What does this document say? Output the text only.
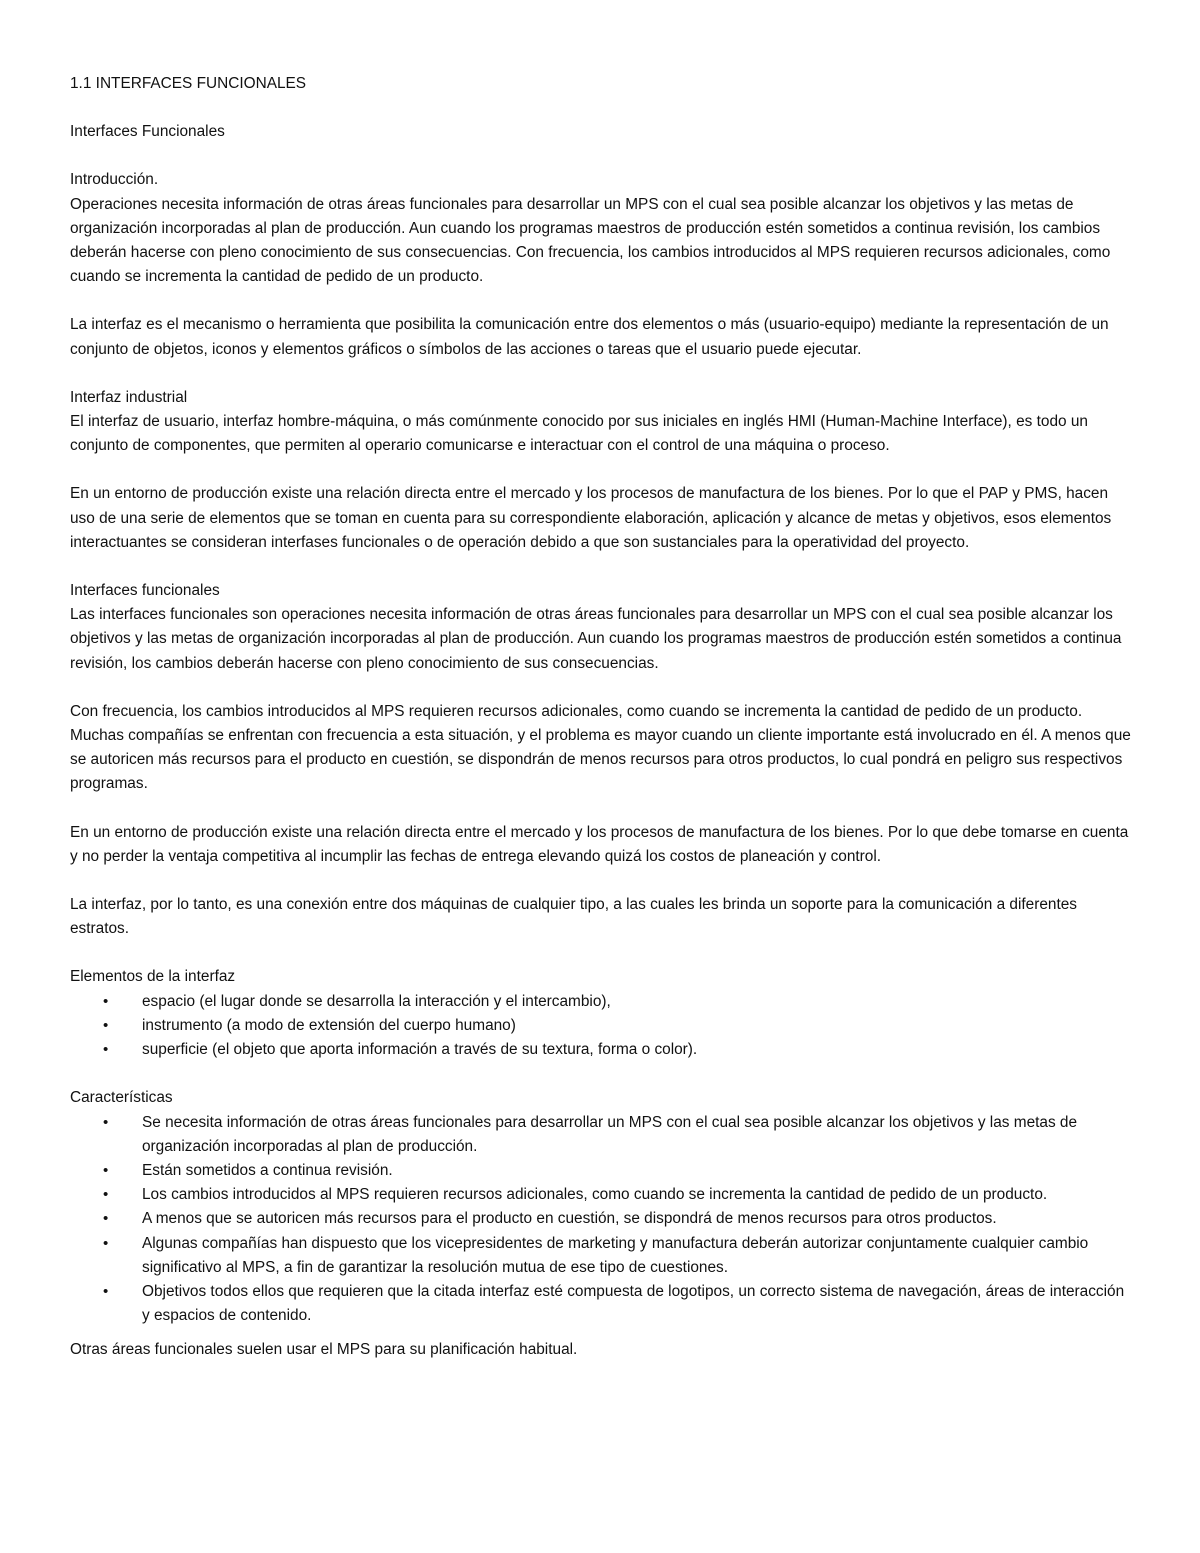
1.1 INTERFACES FUNCIONALES

Interfaces Funcionales

Introducción.

Operaciones necesita información de otras áreas funcionales para desarrollar un MPS con el cual sea posible alcanzar los objetivos y las metas de organización incorporadas al plan de producción. Aun cuando los programas maestros de producción estén sometidos a continua revisión, los cambios deberán hacerse con pleno conocimiento de sus consecuencias. Con frecuencia, los cambios introducidos al MPS requieren recursos adicionales, como cuando se incrementa la cantidad de pedido de un producto.

La interfaz es el mecanismo o herramienta que posibilita la comunicación entre dos elementos o más (usuario-equipo) mediante la representación de un conjunto de objetos, iconos y elementos gráficos o símbolos de las acciones o tareas que el usuario puede ejecutar.

Interfaz industrial

El interfaz de usuario, interfaz hombre-máquina, o más comúnmente conocido por sus iniciales en inglés HMI (Human-Machine Interface), es todo un conjunto de componentes, que permiten al operario comunicarse e interactuar con el control de una máquina o proceso.

En un entorno de producción existe una relación directa entre el mercado y los procesos de manufactura de los bienes. Por lo que el PAP y PMS, hacen uso de una serie de elementos que se toman en cuenta para su correspondiente elaboración, aplicación y alcance de metas y objetivos, esos elementos interactuantes se consideran interfases funcionales o de operación debido a que son sustanciales para la operatividad del proyecto.

Interfaces funcionales

Las interfaces funcionales son operaciones necesita información de otras áreas funcionales para desarrollar un MPS con el cual sea posible alcanzar los objetivos y las metas de organización incorporadas al plan de producción. Aun cuando los programas maestros de producción estén sometidos a continua revisión, los cambios deberán hacerse con pleno conocimiento de sus consecuencias.

Con frecuencia, los cambios introducidos al MPS requieren recursos adicionales, como cuando se incrementa la cantidad de pedido de un producto. Muchas compañías se enfrentan con frecuencia a esta situación, y el problema es mayor cuando un cliente importante está involucrado en él. A menos que se autoricen más recursos para el producto en cuestión, se dispondrán de menos recursos para otros productos, lo cual pondrá en peligro sus respectivos programas.

En un entorno de producción existe una relación directa entre el mercado y los procesos de manufactura de los bienes. Por lo que debe tomarse en cuenta y no perder la ventaja competitiva al incumplir las fechas de entrega elevando quizá los costos de planeación y control.

La interfaz, por lo tanto, es una conexión entre dos máquinas de cualquier tipo, a las cuales les brinda un soporte para la comunicación a diferentes estratos.

Elementos de la interfaz

• espacio (el lugar donde se desarrolla la interacción y el intercambio),
• instrumento (a modo de extensión del cuerpo humano)
• superficie (el objeto que aporta información a través de su textura, forma o color).

Características

• Se necesita información de otras áreas funcionales para desarrollar un MPS con el cual sea posible alcanzar los objetivos y las metas de organización incorporadas al plan de producción.
• Están sometidos a continua revisión.
• Los cambios introducidos al MPS requieren recursos adicionales, como cuando se incrementa la cantidad de pedido de un producto.
• A menos que se autoricen más recursos para el producto en cuestión, se dispondrá de menos recursos para otros productos.
• Algunas compañías han dispuesto que los vicepresidentes de marketing y manufactura deberán autorizar conjuntamente cualquier cambio significativo al MPS, a fin de garantizar la resolución mutua de ese tipo de cuestiones.
• Objetivos todos ellos que requieren que la citada interfaz esté compuesta de logotipos, un correcto sistema de navegación, áreas de interacción y espacios de contenido.

Otras áreas funcionales suelen usar el MPS para su planificación habitual.
